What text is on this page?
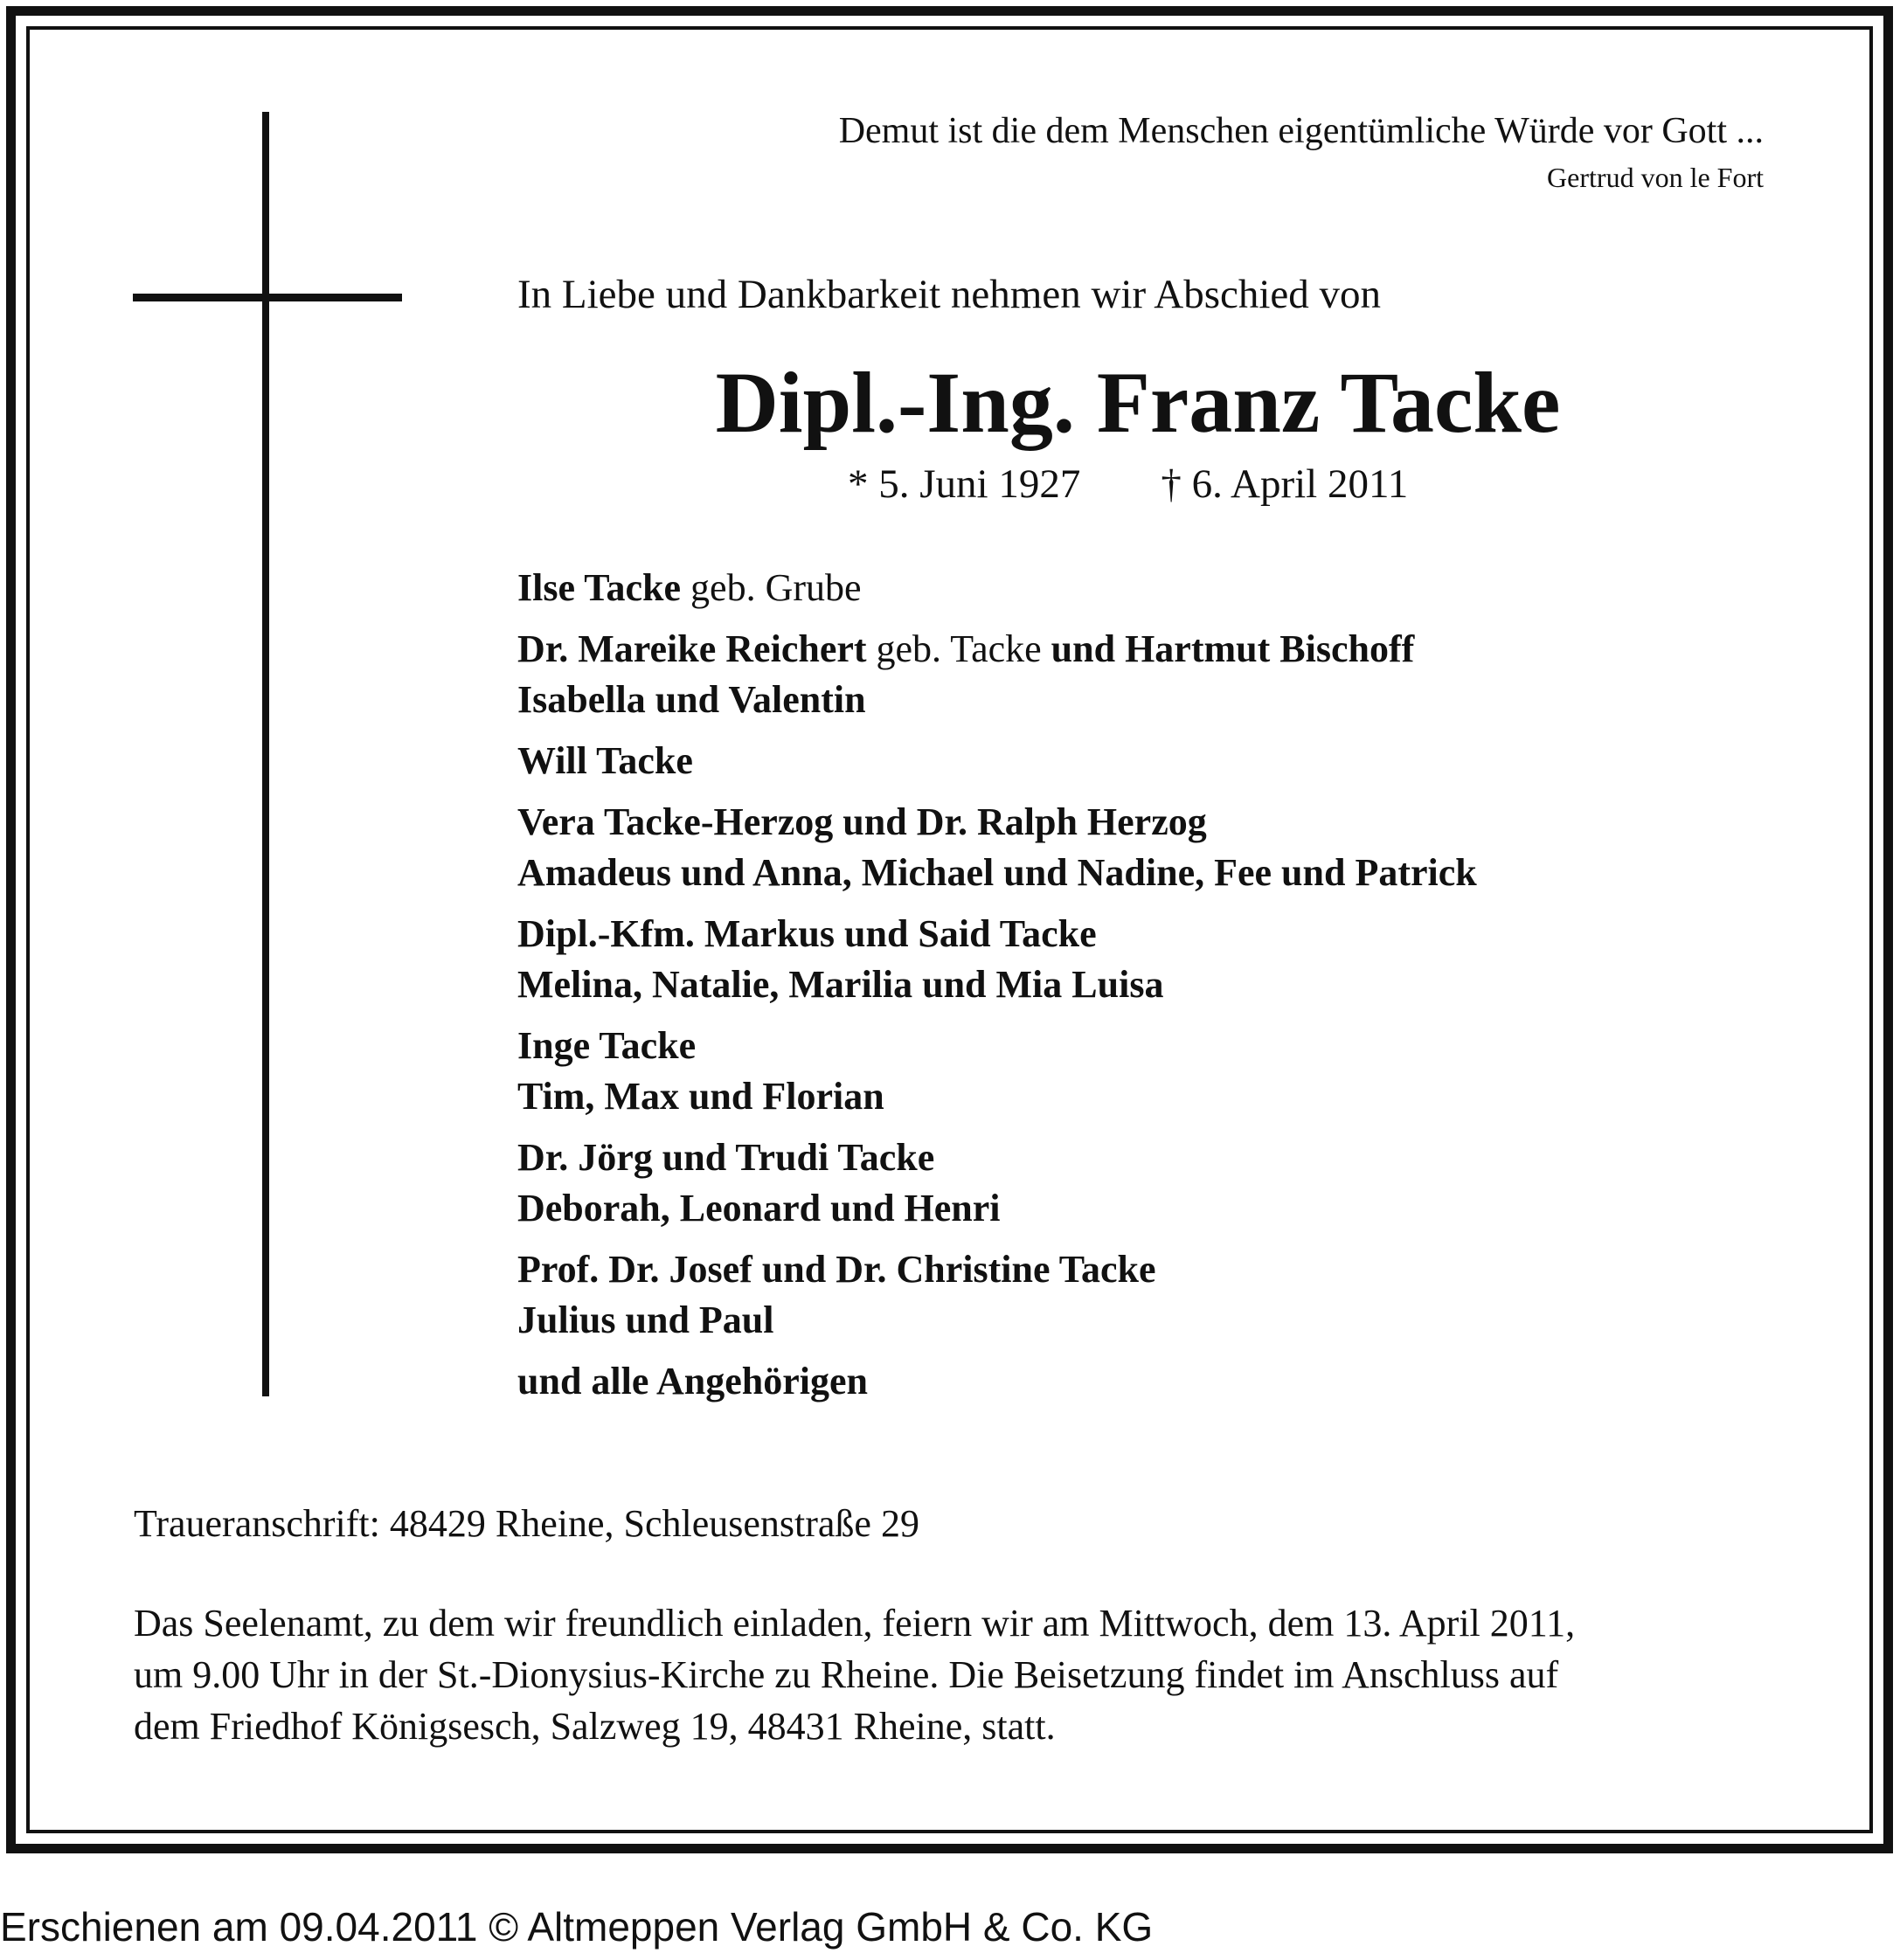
Demut ist die dem Menschen eigentümliche Würde vor Gott ...
Gertrud von le Fort
In Liebe und Dankbarkeit nehmen wir Abschied von
Dipl.-Ing. Franz Tacke
* 5. Juni 1927 † 6. April 2011
Ilse Tacke geb. Grube
Dr. Mareike Reichert geb. Tacke und Hartmut Bischoff
Isabella und Valentin
Will Tacke
Vera Tacke-Herzog und Dr. Ralph Herzog
Amadeus und Anna, Michael und Nadine, Fee und Patrick
Dipl.-Kfm. Markus und Said Tacke
Melina, Natalie, Marilia und Mia Luisa
Inge Tacke
Tim, Max und Florian
Dr. Jörg und Trudi Tacke
Deborah, Leonard und Henri
Prof. Dr. Josef und Dr. Christine Tacke
Julius und Paul
und alle Angehörigen
Traueranschrift: 48429 Rheine, Schleusenstraße 29
Das Seelenamt, zu dem wir freundlich einladen, feiern wir am Mittwoch, dem 13. April 2011,
um 9.00 Uhr in der St.-Dionysius-Kirche zu Rheine. Die Beisetzung findet im Anschluss auf
dem Friedhof Königsesch, Salzweg 19, 48431 Rheine, statt.
Erschienen am 09.04.2011 © Altmeppen Verlag GmbH & Co. KG
